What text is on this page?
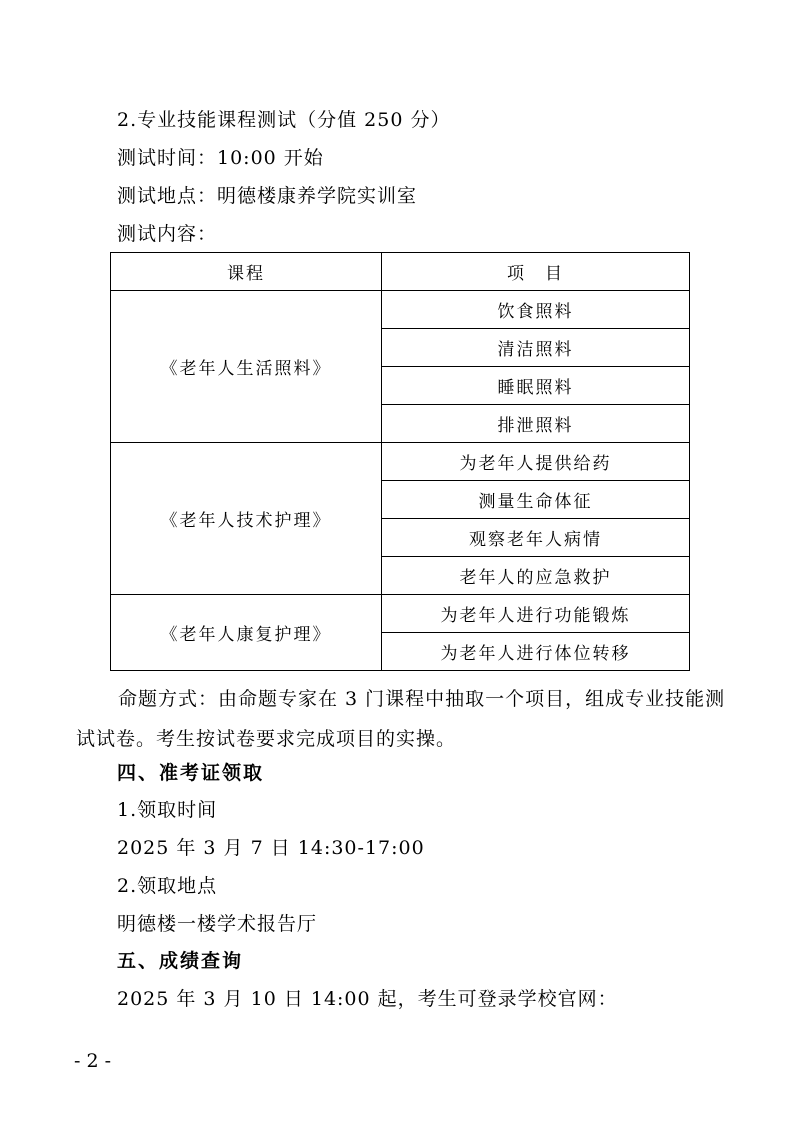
2.专业技能课程测试（分值 250 分）
测试时间：10:00 开始
测试地点：明德楼康养学院实训室
测试内容：
课程	项　目
《老年人生活照料》	饮食照料
	清洁照料
	睡眠照料
	排泄照料
《老年人技术护理》	为老年人提供给药
	测量生命体征
	观察老年人病情
	老年人的应急救护
《老年人康复护理》	为老年人进行功能锻炼
	为老年人进行体位转移

命题方式：由命题专家在 3 门课程中抽取一个项目，组成专业技能测试试卷。考生按试卷要求完成项目的实操。

四、准考证领取
1.领取时间
2025 年 3 月 7 日 14:30-17:00
2.领取地点
明德楼一楼学术报告厅
五、成绩查询
2025 年 3 月 10 日 14:00 起，考生可登录学校官网：
- 2 -
